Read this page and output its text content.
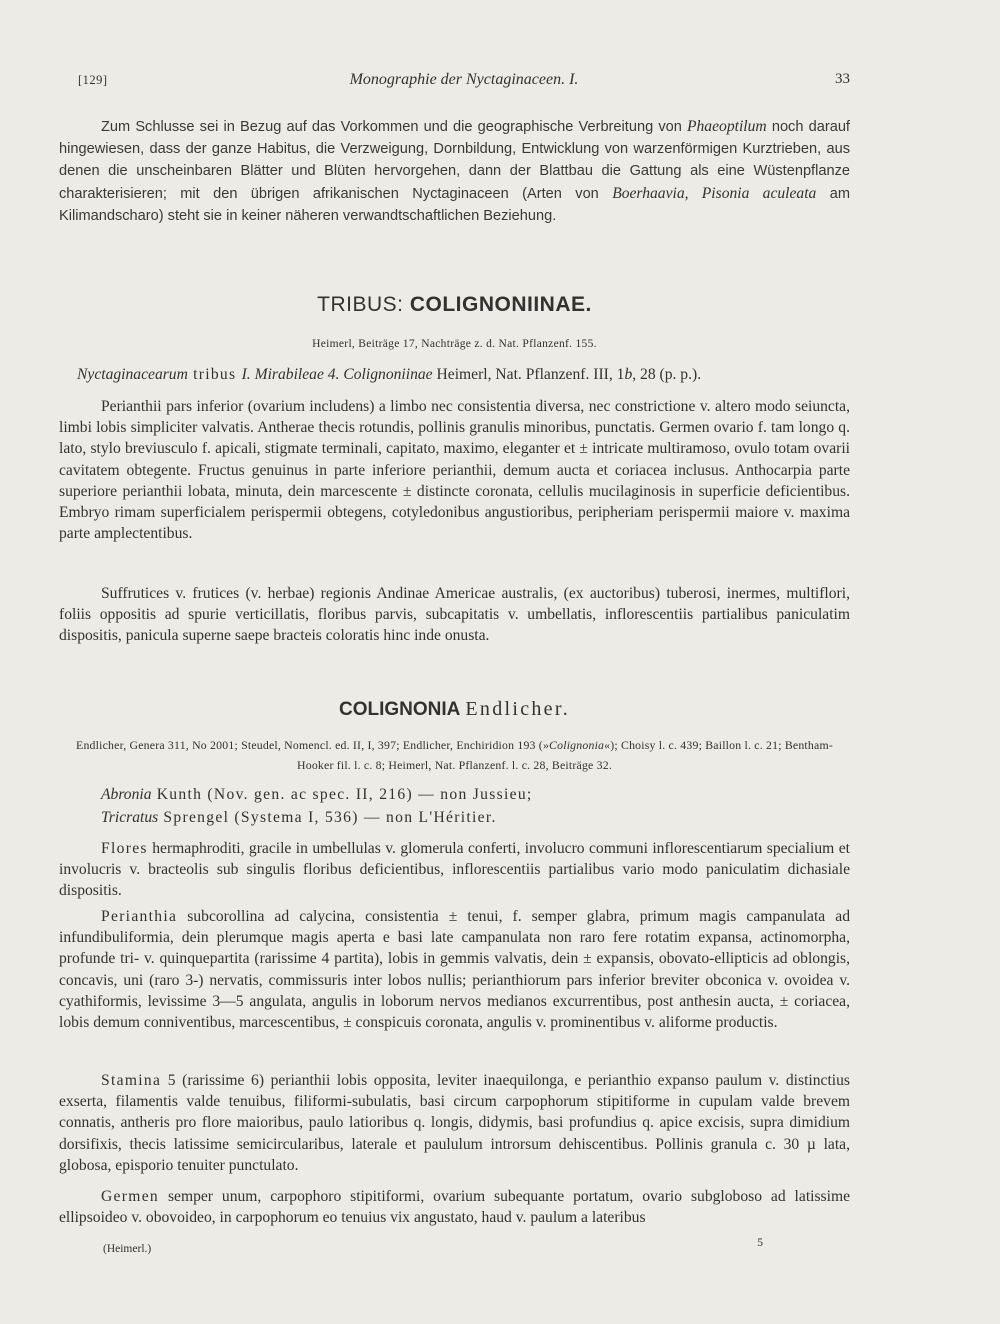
[129]	Monographie der Nyctaginaceen. I.	33

Zum Schlusse sei in Bezug auf das Vorkommen und die geographische Verbreitung von Phaeoptilum noch darauf hingewiesen, dass der ganze Habitus, die Verzweigung, Dornbildung, Entwicklung von warzenförmigen Kurztrieben, aus denen die unscheinbaren Blätter und Blüten hervorgehen, dann der Blattbau die Gattung als eine Wüstenpflanze charakterisieren; mit den übrigen afrikanischen Nyctaginaceen (Arten von Boerhaavia, Pisonia aculeata am Kilimandscharo) steht sie in keiner näheren verwandtschaftlichen Beziehung.

TRIBUS: COLIGNONIINAE.
Heimerl, Beiträge 17, Nachträge z. d. Nat. Pflanzenf. 155.

Nyctaginacearum tribus I. Mirabileae 4. Colignoniinae Heimerl, Nat. Pflanzenf. III, 1b, 28 (p. p.).

Perianthii pars inferior (ovarium includens) a limbo nec consistentia diversa, nec constrictione v. altero modo seiuncta, limbi lobis simpliciter valvatis. Antherae thecis rotundis, pollinis granulis minoribus, punctatis. Germen ovario f. tam longo q. lato, stylo breviusculo f. apicali, stigmate terminali, capitato, maximo, eleganter et ± intricate multiramoso, ovulo totam ovarii cavitatem obtegente. Fructus genuinus in parte inferiore perianthii, demum aucta et coriacea inclusus. Anthocarpia parte superiore perianthii lobata, minuta, dein marcescente ± distincte coronata, cellulis mucilaginosis in superficie deficientibus. Embryo rimam superficialem perispermii obtegens, cotyledonibus angustioribus, peripheriam perispermii maiore v. maxima parte amplectentibus.

Suffrutices v. frutices (v. herbae) regionis Andinae Americae australis, (ex auctoribus) tuberosi, inermes, multiflori, foliis oppositis ad spurie verticillatis, floribus parvis, subcapitatis v. umbellatis, inflorescentiis partialibus paniculatim dispositis, panicula superne saepe bracteis coloratis hinc inde onusta.

COLIGNONIA Endlicher.
Endlicher, Genera 311, No 2001; Steudel, Nomencl. ed. II, I, 397; Endlicher, Enchiridion 193 (»Colignonia«); Choisy l. c. 439; Baillon l. c. 21; Bentham-Hooker fil. l. c. 8; Heimerl, Nat. Pflanzenf. l. c. 28, Beiträge 32.
Abronia Kunth (Nov. gen. ac spec. II, 216) — non Jussieu;
Tricratus Sprengel (Systema I, 536) — non L'Héritier.

Flores hermaphroditi, gracile in umbellulas v. glomerula conferti, involucro communi inflorescentiarum specialium et involucris v. bracteolis sub singulis floribus deficientibus, inflorescentiis partialibus vario modo paniculatim dichasiale dispositis.

Perianthia subcorollina ad calycina, consistentia ± tenui, f. semper glabra, primum magis campanulata ad infundibuliformia, dein plerumque magis aperta e basi late campanulata non raro fere rotatim expansa, actinomorpha, profunde tri- v. quinquepartita (rarissime 4 partita), lobis in gemmis valvatis, dein ± expansis, obovato-ellipticis ad oblongis, concavis, uni (raro 3-) nervatis, commissuris inter lobos nullis; perianthiorum pars inferior breviter obconica v. ovoidea v. cyathiformis, levissime 3—5 angulata, angulis in loborum nervos medianos excurrentibus, post anthesin aucta, ± coriacea, lobis demum conniventibus, marcescentibus, ± conspicuis coronata, angulis v. prominentibus v. aliforme productis.

Stamina 5 (rarissime 6) perianthii lobis opposita, leviter inaequilonga, e perianthio expanso paulum v. distinctius exserta, filamentis valde tenuibus, filiformi-subulatis, basi circum carpophorum stipitiforme in cupulam valde brevem connatis, antheris pro flore maioribus, paulo latioribus q. longis, didymis, basi profundius q. apice excisis, supra dimidium dorsifixis, thecis latissime semicircularibus, laterale et paululum introrsum dehiscentibus. Pollinis granula c. 30 µ lata, globosa, episporio tenuiter punctulato.

Germen semper unum, carpophoro stipitiformi, ovarium subequante portatum, ovario subgloboso ad latissime ellipsoideo v. obovoideo, in carpophorum eo tenuius vix angustato, haud v. paulum a lateribus

(Heimerl.)	5
